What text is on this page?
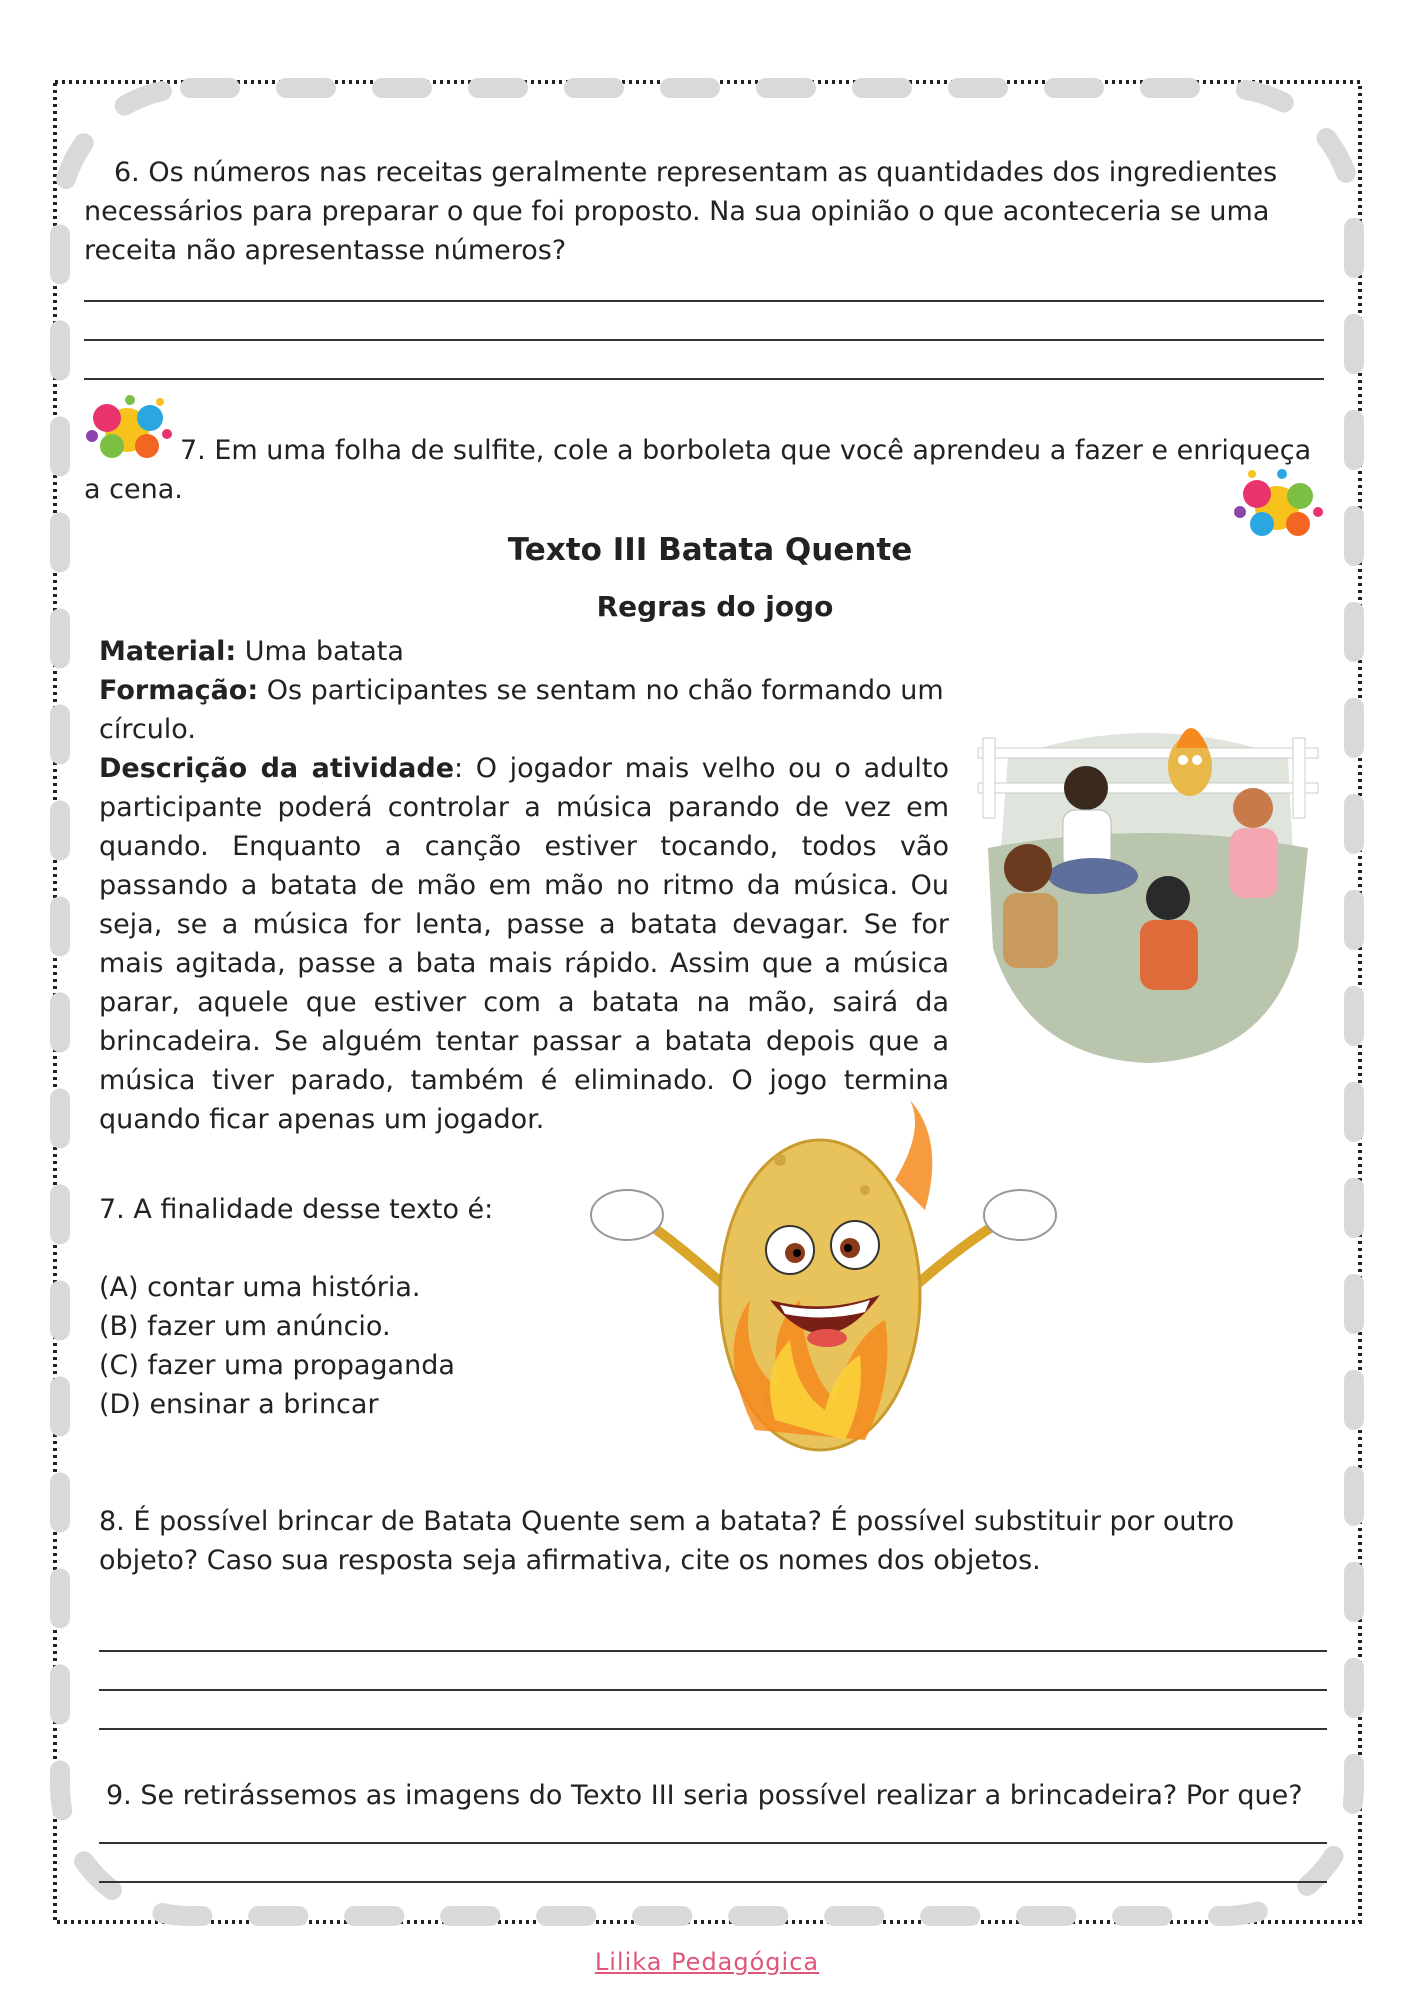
6. Os números nas receitas geralmente representam as quantidades dos ingredientes necessários para preparar o que foi proposto. Na sua opinião o que aconteceria se uma receita não apresentasse números?
7. Em uma folha de sulfite, cole a borboleta que você aprendeu a fazer e enriqueça a cena.
Texto III Batata Quente
Regras do jogo
Material: Uma batata
Formação: Os participantes se sentam no chão formando um círculo.
Descrição da atividade: O jogador mais velho ou o adulto participante poderá controlar a música parando de vez em quando. Enquanto a canção estiver tocando, todos vão passando a batata de mão em mão no ritmo da música. Ou seja, se a música for lenta, passe a batata devagar. Se for mais agitada, passe a bata mais rápido. Assim que a música parar, aquele que estiver com a batata na mão, sairá da brincadeira. Se alguém tentar passar a batata depois que a música tiver parado, também é eliminado. O jogo termina quando ficar apenas um jogador.
7. A finalidade desse texto é:
(A) contar uma história.
(B) fazer um anúncio.
(C) fazer uma propaganda
(D) ensinar a brincar
8. É possível brincar de Batata Quente sem a batata? É possível substituir por outro objeto? Caso sua resposta seja afirmativa, cite os nomes dos objetos.
9. Se retirássemos as imagens do Texto III seria possível realizar a brincadeira? Por que?
Lilika Pedagógica
